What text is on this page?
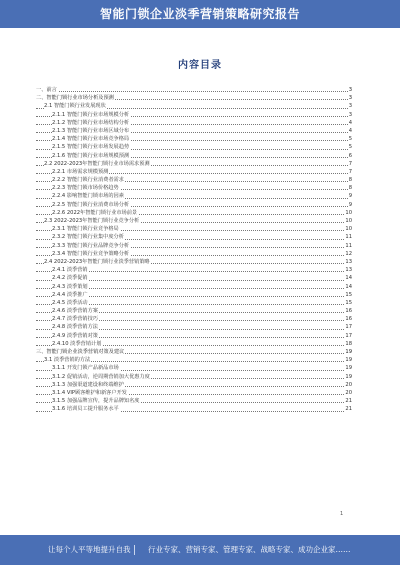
智能门锁企业淡季营销策略研究报告
内容目录
一、前言	3
二、智能门锁行业市场分析及预测	3
2.1 智能门锁行业发展现状	3
2.1.1 智能门锁行业市场规模分析	3
2.1.2 智能门锁行业市场结构分析	4
2.1.3 智能门锁行业市场区域分布	4
2.1.4 智能门锁行业市场竞争格局	5
2.1.5 智能门锁行业市场发展趋势	5
2.1.6 智能门锁行业市场规模预测	6
2.2 2022-2023年智能门锁行业市场需求预测	7
2.2.1 市场需求规模预测	7
2.2.2 智能门锁行业消费者需求	8
2.2.3 智能门锁市场价格趋势	8
2.2.4 影响智能门锁市场的因素	9
2.2.5 智能门锁行业消费市场分析	9
2.2.6 2022年智能门锁行业市场前景	10
2.3 2022-2023年智能门锁行业竞争分析	10
2.3.1 智能门锁行业竞争格局	10
2.3.2 智能门锁行业集中度分析	11
2.3.3 智能门锁行业品牌竞争分析	11
2.3.4 智能门锁行业竞争策略分析	12
2.4 2022-2023年智能门锁行业淡季营销策略	13
2.4.1 淡季营销	13
2.4.2 淡季促销	14
2.4.3 淡季策划	14
2.4.4 淡季推广	15
2.4.5 淡季活动	15
2.4.6 淡季营销方案	16
2.4.7 淡季营销技巧	16
2.4.8 淡季营销方法	17
2.4.9 淡季营销对策	17
2.4.10 淡季营销计划	18
三、智能门锁企业淡季营销对策及建议	19
3.1 淡季营销的方法	19
3.1.1 开发门锁产品新品市场	19
3.1.2 促销活动，逆周期营销加大优惠力度	19
3.1.3 加强渠道建设和终端维护	20
3.1.4 VIP顾客维护和新客户开发	20
3.1.5 加强品牌宣传，提升品牌知名度	21
3.1.6 培训员工提升服务水平	21
1
让每个人平等地提升自我 行业专家、营销专家、管理专家、战略专家、成功企业家……
